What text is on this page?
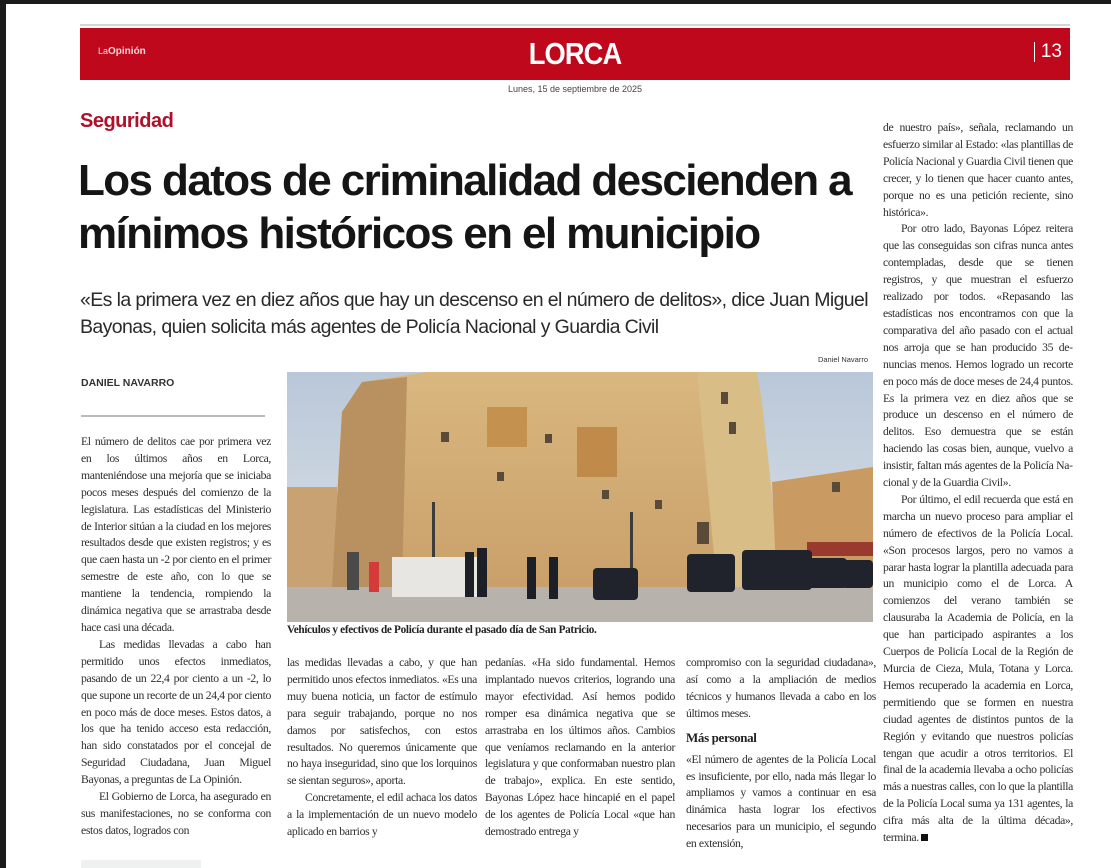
LaOpinión	LORCA	13
Lunes, 15 de septiembre de 2025
Seguridad
Los datos de criminalidad descienden a mínimos históricos en el municipio
«Es la primera vez en diez años que hay un descenso en el número de delitos», dice Juan Miguel Bayonas, quien solicita más agentes de Policía Nacional y Guardia Civil
Daniel Navarro
DANIEL NAVARRO
Vehículos y efectivos de Policía durante el pasado día de San Patricio.

El número de delitos cae por primera vez en los últimos años en Lorca, manteniéndose una mejoría que se iniciaba pocos meses después del comienzo de la legislatura. Las estadísticas del Ministerio de Interior sitúan a la ciudad en los mejores resultados desde que existen registros; y es que caen hasta un -2 por ciento en el primer semestre de este año, con lo que se mantiene la tendencia, rompiendo la dinámica negativa que se arrastraba desde hace casi una década.

Las medidas llevadas a cabo han permitido unos efectos inmediatos, pasando de un 22,4 por ciento a un -2, lo que supone un recorte de un 24,4 por ciento en poco más de doce meses. Estos datos, a los que ha tenido acceso esta redacción, han sido constatados por el concejal de Seguridad Ciudadana, Juan Miguel Bayonas, a preguntas de La Opinión.

El Gobierno de Lorca, ha asegurado en sus manifestaciones, no se conforma con estos datos, logrados con

las medidas llevadas a cabo, y que han permitido unos efectos inmediatos. «Es una muy buena noticia, un factor de estímulo para seguir trabajando, porque no nos damos por satisfechos, con estos resultados. No queremos únicamente que no haya inseguridad, sino que los lorquinos se sientan seguros», aporta.

Concretamente, el edil achaca los datos a la implementación de un nuevo modelo aplicado en barrios y

pedanías. «Ha sido fundamental. Hemos implantado nuevos criterios, logrando una mayor efectividad. Así hemos podido romper esa dinámica negativa que se arrastraba en los últimos años. Cambios que veníamos reclamando en la anterior legislatura y que conformaban nuestro plan de trabajo», explica. En este sentido, Bayonas López hace hincapié en el papel de los agentes de Policía Local «que han demostrado entrega y

compromiso con la seguridad ciudadana», así como a la ampliación de medios técnicos y humanos llevada a cabo en los últimos meses.

Más personal

«El número de agentes de la Policía Local es insuficiente, por ello, nada más llegar lo ampliamos y vamos a continuar en esa dinámica hasta lograr los efectivos necesarios para un municipio, el segundo en extensión,

de nuestro país», señala, reclamando un esfuerzo similar al Estado: «las plantillas de Policía Nacional y Guardia Civil tienen que crecer, y lo tienen que hacer cuanto antes, porque no es una petición reciente, sino histórica».

Por otro lado, Bayonas López reitera que las conseguidas son cifras nunca antes contempladas, desde que se tienen registros, y que muestran el esfuerzo realizado por todos. «Repasando las estadísticas nos encontramos con que la comparativa del año pasado con el actual nos arroja que se han producido 35 denuncias menos. Hemos logrado un recorte en poco más de doce meses de 24,4 puntos. Es la primera vez en diez años que se produce un descenso en el número de delitos. Eso demuestra que se están haciendo las cosas bien, aunque, vuelvo a insistir, faltan más agentes de la Policía Nacional y de la Guardia Civil».

Por último, el edil recuerda que está en marcha un nuevo proceso para ampliar el número de efectivos de la Policía Local. «Son procesos largos, pero no vamos a parar hasta lograr la plantilla adecuada para un municipio como el de Lorca. A comienzos del verano también se clausuraba la Academia de Policía, en la que han participado aspirantes a los Cuerpos de Policía Local de la Región de Murcia de Cieza, Mula, Totana y Lorca. Hemos recuperado la academia en Lorca, permitiendo que se formen en nuestra ciudad agentes de distintos puntos de la Región y evitando que nuestros policías tengan que acudir a otros territorios. El final de la academia llevaba a ocho policías más a nuestras calles, con lo que la plantilla de la Policía Local suma ya 131 agentes, la cifra más alta de la última década», termina.
